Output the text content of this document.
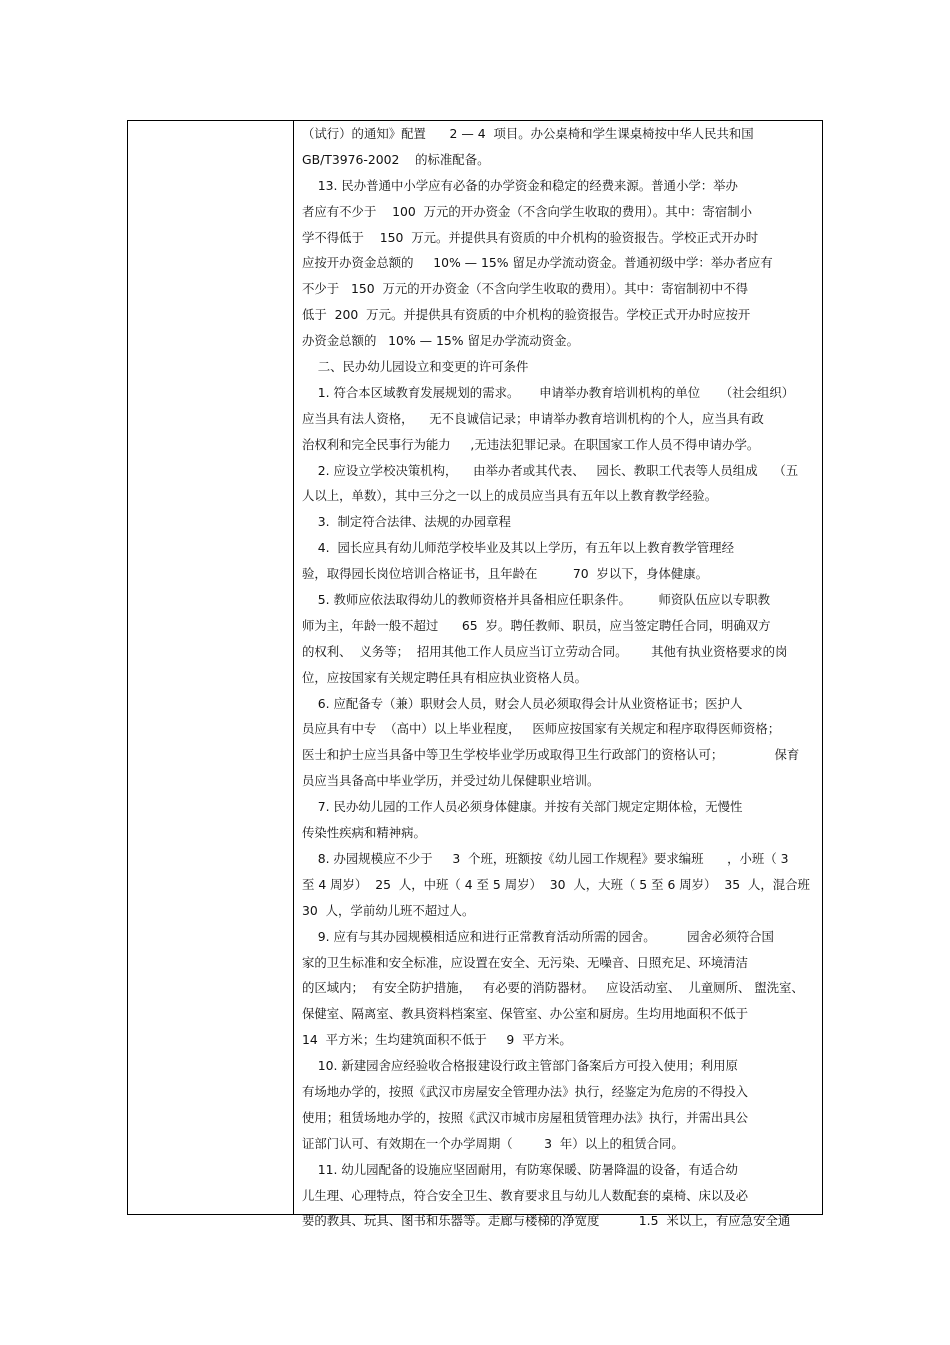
（试行）的通知》配置      2 — 4  项目。办公桌椅和学生课桌椅按中华人民共和国
GB/T3976-2002    的标准配备。
13. 民办普通中小学应有必备的办学资金和稳定的经费来源。普通小学：举办
者应有不少于    100  万元的开办资金（不含向学生收取的费用）。其中：寄宿制小
学不得低于    150  万元。并提供具有资质的中介机构的验资报告。学校正式开办时
应按开办资金总额的     10% — 15% 留足办学流动资金。普通初级中学：举办者应有
不少于   150  万元的开办资金（不含向学生收取的费用）。其中：寄宿制初中不得
低于  200  万元。并提供具有资质的中介机构的验资报告。学校正式开办时应按开
办资金总额的   10% — 15% 留足办学流动资金。
二、民办幼儿园设立和变更的许可条件
1. 符合本区域教育发展规划的需求。     申请举办教育培训机构的单位     （社会组织）
应当具有法人资格，    无不良诚信记录；申请举办教育培训机构的个人，应当具有政
治权利和完全民事行为能力     ,无违法犯罪记录。在职国家工作人员不得申请办学。
2. 应设立学校决策机构，    由举办者或其代表、   园长、教职工代表等人员组成    （五
人以上，单数），其中三分之一以上的成员应当具有五年以上教育教学经验。
3.  制定符合法律、法规的办园章程
4.  园长应具有幼儿师范学校毕业及其以上学历，有五年以上教育教学管理经
验，取得园长岗位培训合格证书，且年龄在         70  岁以下，身体健康。
5. 教师应依法取得幼儿的教师资格并具备相应任职条件。       师资队伍应以专职教
师为主，年龄一般不超过      65  岁。聘任教师、职员，应当签定聘任合同，明确双方
的权利、  义务等；  招用其他工作人员应当订立劳动合同。      其他有执业资格要求的岗
位，应按国家有关规定聘任具有相应执业资格人员。
6. 应配备专（兼）职财会人员，财会人员必须取得会计从业资格证书；医护人
员应具有中专  （高中）以上毕业程度，   医师应按国家有关规定和程序取得医师资格；
医士和护士应当具备中等卫生学校毕业学历或取得卫生行政部门的资格认可；             保育
员应当具备高中毕业学历，并受过幼儿保健职业培训。
7. 民办幼儿园的工作人员必须身体健康。并按有关部门规定定期体检，无慢性
传染性疾病和精神病。
8. 办园规模应不少于     3  个班，班额按《幼儿园工作规程》要求编班      ，小班（ 3
至 4 周岁）  25  人，中班（ 4 至 5 周岁）  30  人，大班（ 5 至 6 周岁）  35  人，混合班
30  人，学前幼儿班不超过人。
9. 应有与其办园规模相适应和进行正常教育活动所需的园舍。        园舍必须符合国
家的卫生标准和安全标准，应设置在安全、无污染、无噪音、日照充足、环境清洁
的区域内；  有安全防护措施，   有必要的消防器材。   应设活动室、  儿童厕所、 盥洗室、
保健室、隔离室、教具资料档案室、保管室、办公室和厨房。生均用地面积不低于
14  平方米；生均建筑面积不低于     9  平方米。
10. 新建园舍应经验收合格报建设行政主管部门备案后方可投入使用；利用原
有场地办学的，按照《武汉市房屋安全管理办法》执行，经鉴定为危房的不得投入
使用；租赁场地办学的，按照《武汉市城市房屋租赁管理办法》执行，并需出具公
证部门认可、有效期在一个办学周期（        3  年）以上的租赁合同。
11. 幼儿园配备的设施应坚固耐用，有防寒保暖、防暑降温的设备，有适合幼
儿生理、心理特点，符合安全卫生、教育要求且与幼儿人数配套的桌椅、床以及必
要的教具、玩具、图书和乐器等。走廊与楼梯的净宽度          1.5  米以上，有应急安全通
